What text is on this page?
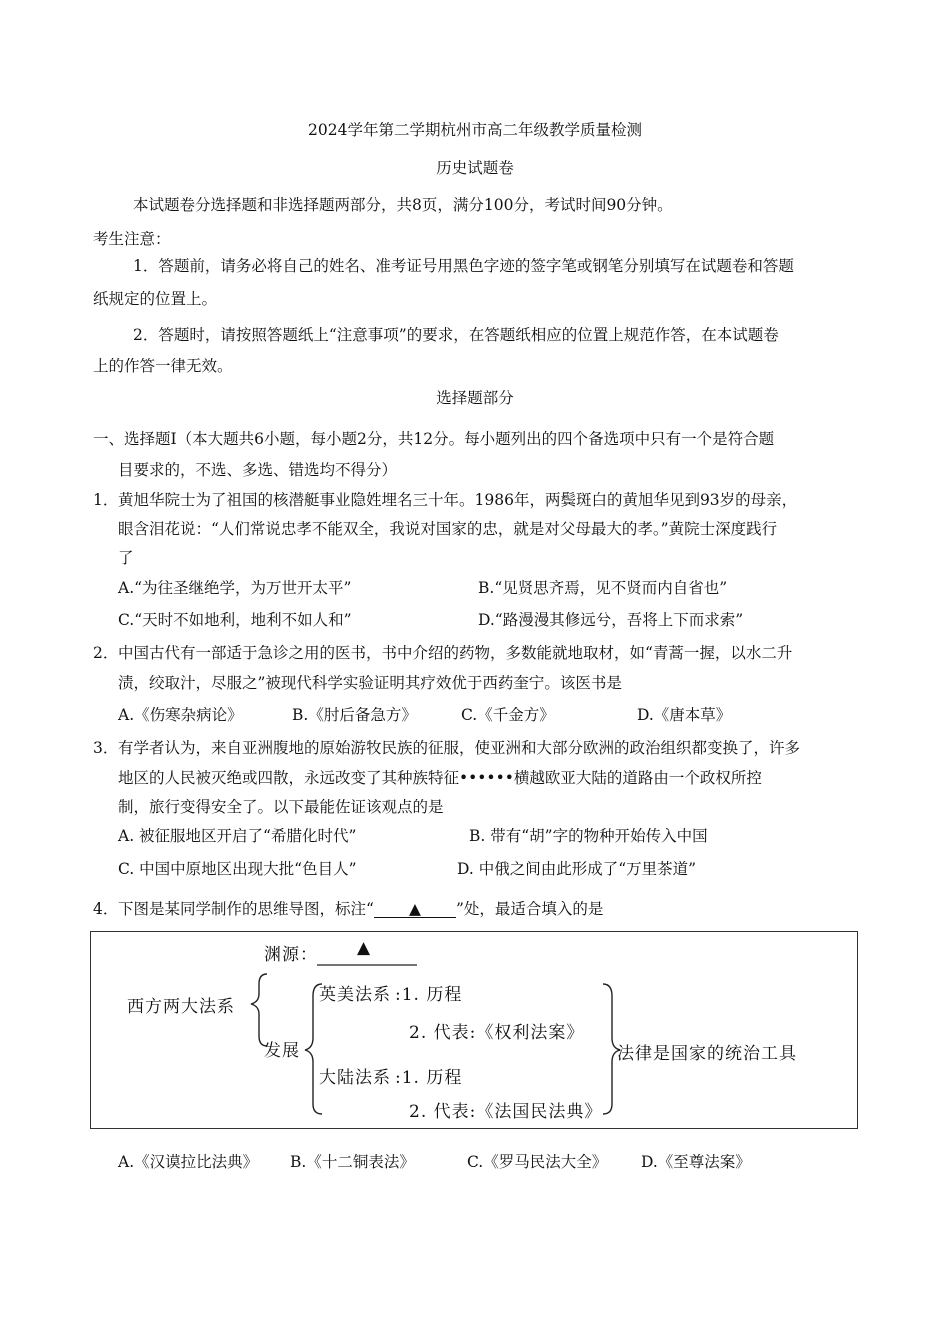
2024学年第二学期杭州市高二年级教学质量检测
历史试题卷
本试题卷分选择题和非选择题两部分，共8页，满分100分，考试时间90分钟。
考生注意：
1．答题前，请务必将自己的姓名、准考证号用黑色字迹的签字笔或钢笔分别填写在试题卷和答题
纸规定的位置上。
2．答题时，请按照答题纸上“注意事项”的要求，在答题纸相应的位置上规范作答，在本试题卷
上的作答一律无效。
选择题部分
一、选择题Ⅰ（本大题共6小题，每小题2分，共12分。每小题列出的四个备选项中只有一个是符合题
目要求的，不选、多选、错选均不得分）
1． 黄旭华院士为了祖国的核潜艇事业隐姓埋名三十年。1986年，两鬓斑白的黄旭华见到93岁的母亲，
眼含泪花说：“人们常说忠孝不能双全，我说对国家的忠，就是对父母最大的孝。”黄院士深度践行
了
A.“为往圣继绝学，为万世开太平”	B.“见贤思齐焉，见不贤而内自省也”
C.“天时不如地利，地利不如人和”	D.“路漫漫其修远兮，吾将上下而求索”
2． 中国古代有一部适于急诊之用的医书，书中介绍的药物，多数能就地取材，如“青蒿一握，以水二升
渍，绞取汁，尽服之”被现代科学实验证明其疗效优于西药奎宁。该医书是
A.《伤寒杂病论》	B.《肘后备急方》	C.《千金方》	D.《唐本草》
3． 有学者认为，来自亚洲腹地的原始游牧民族的征服，使亚洲和大部分欧洲的政治组织都变换了，许多
地区的人民被灭绝或四散，永远改变了其种族特征••••••横越欧亚大陆的道路由一个政权所控
制，旅行变得安全了。以下最能佐证该观点的是
A. 被征服地区开启了“希腊化时代”	B. 带有“胡”字的物种开始传入中国
C. 中国中原地区出现大批“色目人”	D. 中俄之间由此形成了“万里茶道”
4． 下图是某同学制作的思维导图，标注“ ▲ ”处，最适合填入的是
渊源： ▲
西方两大法系
发展
英美法系 :1. 历程
2. 代表:《权利法案》
大陆法系 :1. 历程
2. 代表:《法国民法典》
法律是国家的统治工具
A.《汉谟拉比法典》 B.《十二铜表法》	C.《罗马民法大全》 D.《至尊法案》
